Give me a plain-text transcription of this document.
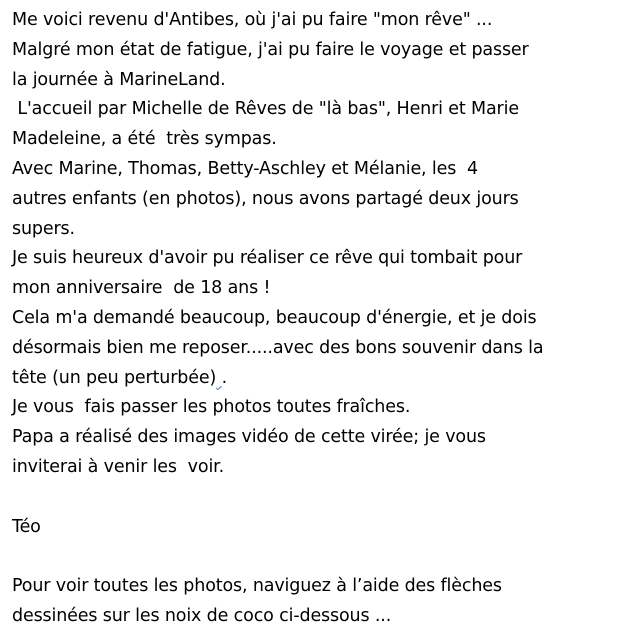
Me voici revenu d'Antibes, où j'ai pu faire "mon rêve" ...
Malgré mon état de fatigue, j'ai pu faire le voyage et passer
la journée à MarineLand.
L'accueil par Michelle de Rêves de "là bas", Henri et Marie
Madeleine, a été  très sympas.
Avec Marine, Thomas, Betty-Aschley et Mélanie, les  4
autres enfants (en photos), nous avons partagé deux jours
supers.
Je suis heureux d'avoir pu réaliser ce rêve qui tombait pour
mon anniversaire  de 18 ans !
Cela m'a demandé beaucoup, beaucoup d'énergie, et je dois
désormais bien me reposer.....avec des bons souvenir dans la
tête (un peu perturbée) .
Je vous  fais passer les photos toutes fraîches.
Papa a réalisé des images vidéo de cette virée; je vous
inviterai à venir les  voir.
Téo
Pour voir toutes les photos, naviguez à l’aide des flèches
dessinées sur les noix de coco ci-dessous ...
